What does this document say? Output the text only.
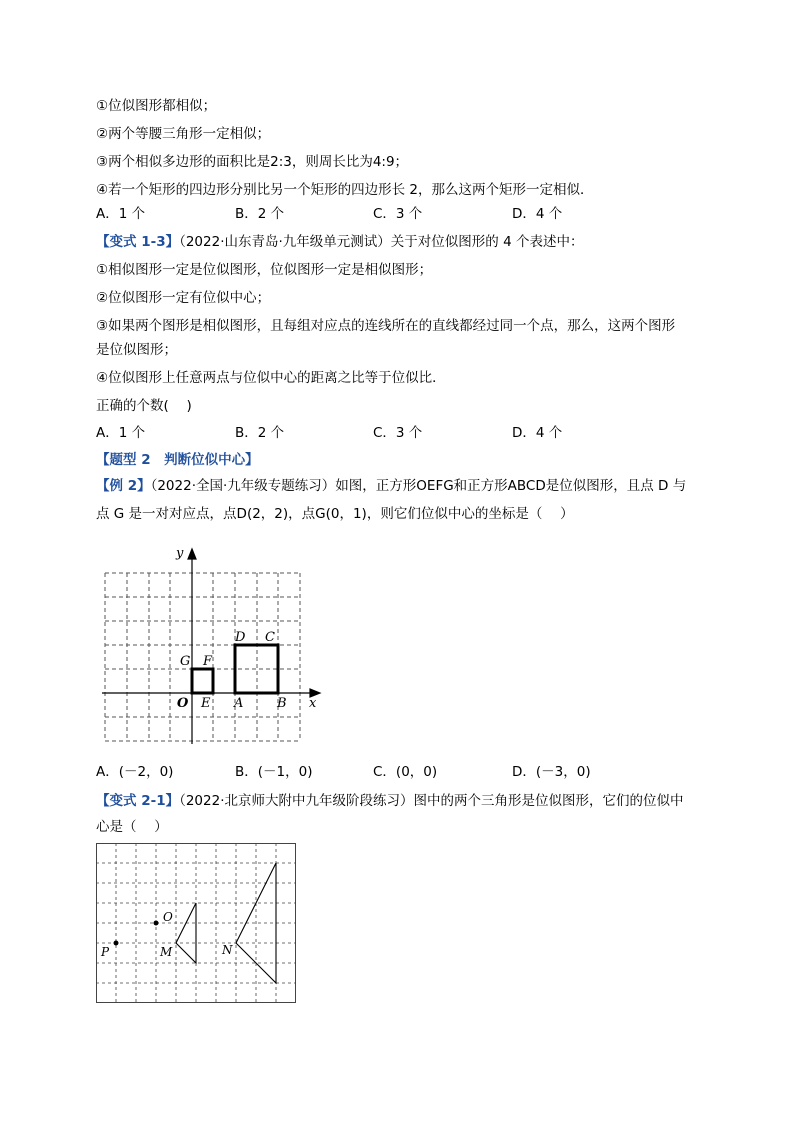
①位似图形都相似；
②两个等腰三角形一定相似；
③两个相似多边形的面积比是2:3，则周长比为4:9；
④若一个矩形的四边形分别比另一个矩形的四边形长 2，那么这两个矩形一定相似．
A．1 个	B．2 个	C．3 个	D．4 个
【变式 1-3】（2022·山东青岛·九年级单元测试）关于对位似图形的 4 个表述中：
①相似图形一定是位似图形，位似图形一定是相似图形；
②位似图形一定有位似中心；
③如果两个图形是相似图形，且每组对应点的连线所在的直线都经过同一个点，那么，这两个图形
是位似图形；
④位似图形上任意两点与位似中心的距离之比等于位似比．
正确的个数(　 )
A．1 个	B．2 个	C．3 个	D．4 个
【题型 2　判断位似中心】
【例 2】（2022·全国·九年级专题练习）如图，正方形OEFG和正方形ABCD是位似图形，且点 D 与
点 G 是一对对应点，点D(2，2)，点G(0，1)，则它们位似中心的坐标是（　 ）
y
x
O E A	B
G F
D C
A．(－2，0)	B．(－1，0)	C．(0，0)	D．(－3，0)
【变式 2-1】（2022·北京师大附中九年级阶段练习）图中的两个三角形是位似图形，它们的位似中
心是（　 ）
P
O
M	N
